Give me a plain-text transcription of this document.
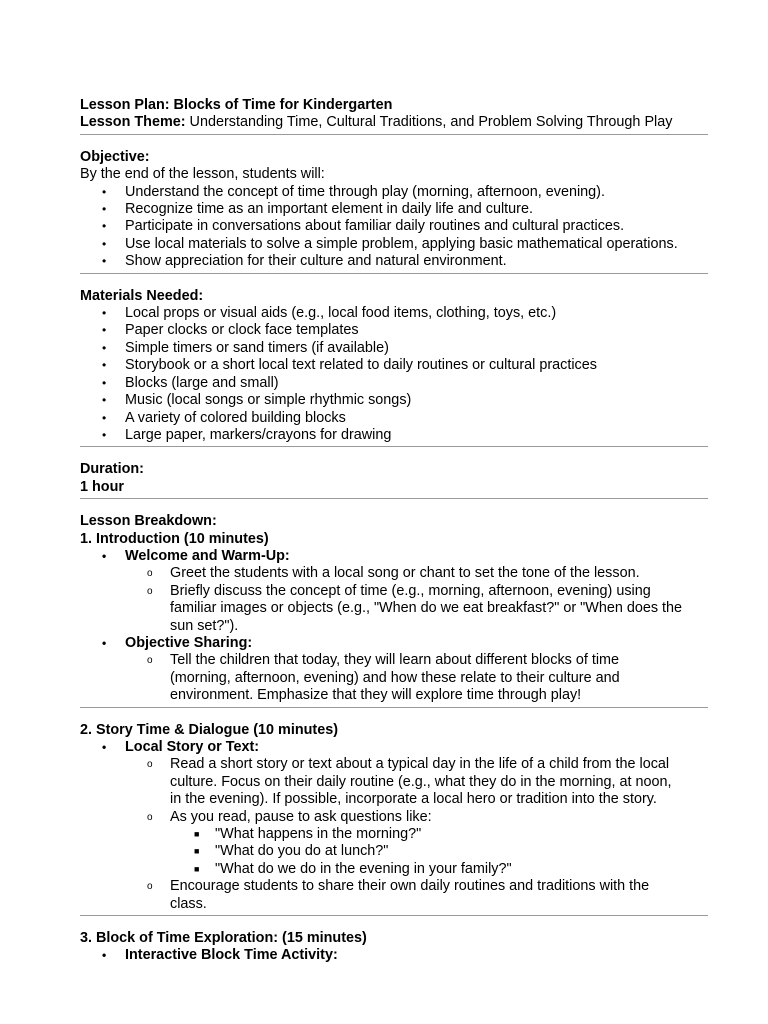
Lesson Plan: Blocks of Time for Kindergarten
Lesson Theme: Understanding Time, Cultural Traditions, and Problem Solving Through Play
Objective:
By the end of the lesson, students will:
• Understand the concept of time through play (morning, afternoon, evening).
• Recognize time as an important element in daily life and culture.
• Participate in conversations about familiar daily routines and cultural practices.
• Use local materials to solve a simple problem, applying basic mathematical operations.
• Show appreciation for their culture and natural environment.
Materials Needed:
• Local props or visual aids (e.g., local food items, clothing, toys, etc.)
• Paper clocks or clock face templates
• Simple timers or sand timers (if available)
• Storybook or a short local text related to daily routines or cultural practices
• Blocks (large and small)
• Music (local songs or simple rhythmic songs)
• A variety of colored building blocks
• Large paper, markers/crayons for drawing
Duration:
1 hour
Lesson Breakdown:
1. Introduction (10 minutes)
• Welcome and Warm-Up:
o Greet the students with a local song or chant to set the tone of the lesson.
o Briefly discuss the concept of time (e.g., morning, afternoon, evening) using
familiar images or objects (e.g., "When do we eat breakfast?" or "When does the
sun set?").
• Objective Sharing:
o Tell the children that today, they will learn about different blocks of time
(morning, afternoon, evening) and how these relate to their culture and
environment. Emphasize that they will explore time through play!
2. Story Time & Dialogue (10 minutes)
• Local Story or Text:
o Read a short story or text about a typical day in the life of a child from the local
culture. Focus on their daily routine (e.g., what they do in the morning, at noon,
in the evening). If possible, incorporate a local hero or tradition into the story.
o As you read, pause to ask questions like:
■ "What happens in the morning?"
■ "What do you do at lunch?"
■ "What do we do in the evening in your family?"
o Encourage students to share their own daily routines and traditions with the
class.
3. Block of Time Exploration: (15 minutes)
• Interactive Block Time Activity:
